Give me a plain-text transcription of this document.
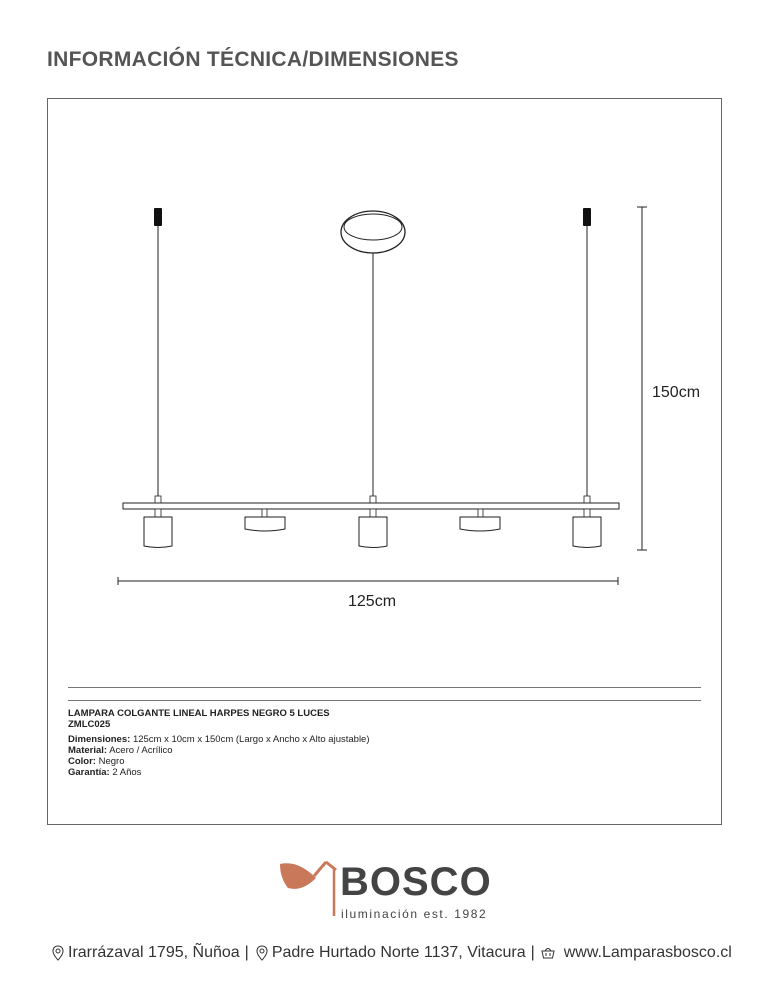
INFORMACIÓN TÉCNICA/DIMENSIONES
150cm
125cm
LAMPARA COLGANTE LINEAL HARPES NEGRO 5 LUCES
ZMLC025
Dimensiones: 125cm x 10cm x 150cm (Largo x Ancho x Alto ajustable)
Material: Acero / Acrílico
Color: Negro
Garantía: 2 Años
BOSCO
iluminación est. 1982
Irarrázaval 1795, Ñuñoa | Padre Hurtado Norte 1137, Vitacura | www.Lamparasbosco.cl
